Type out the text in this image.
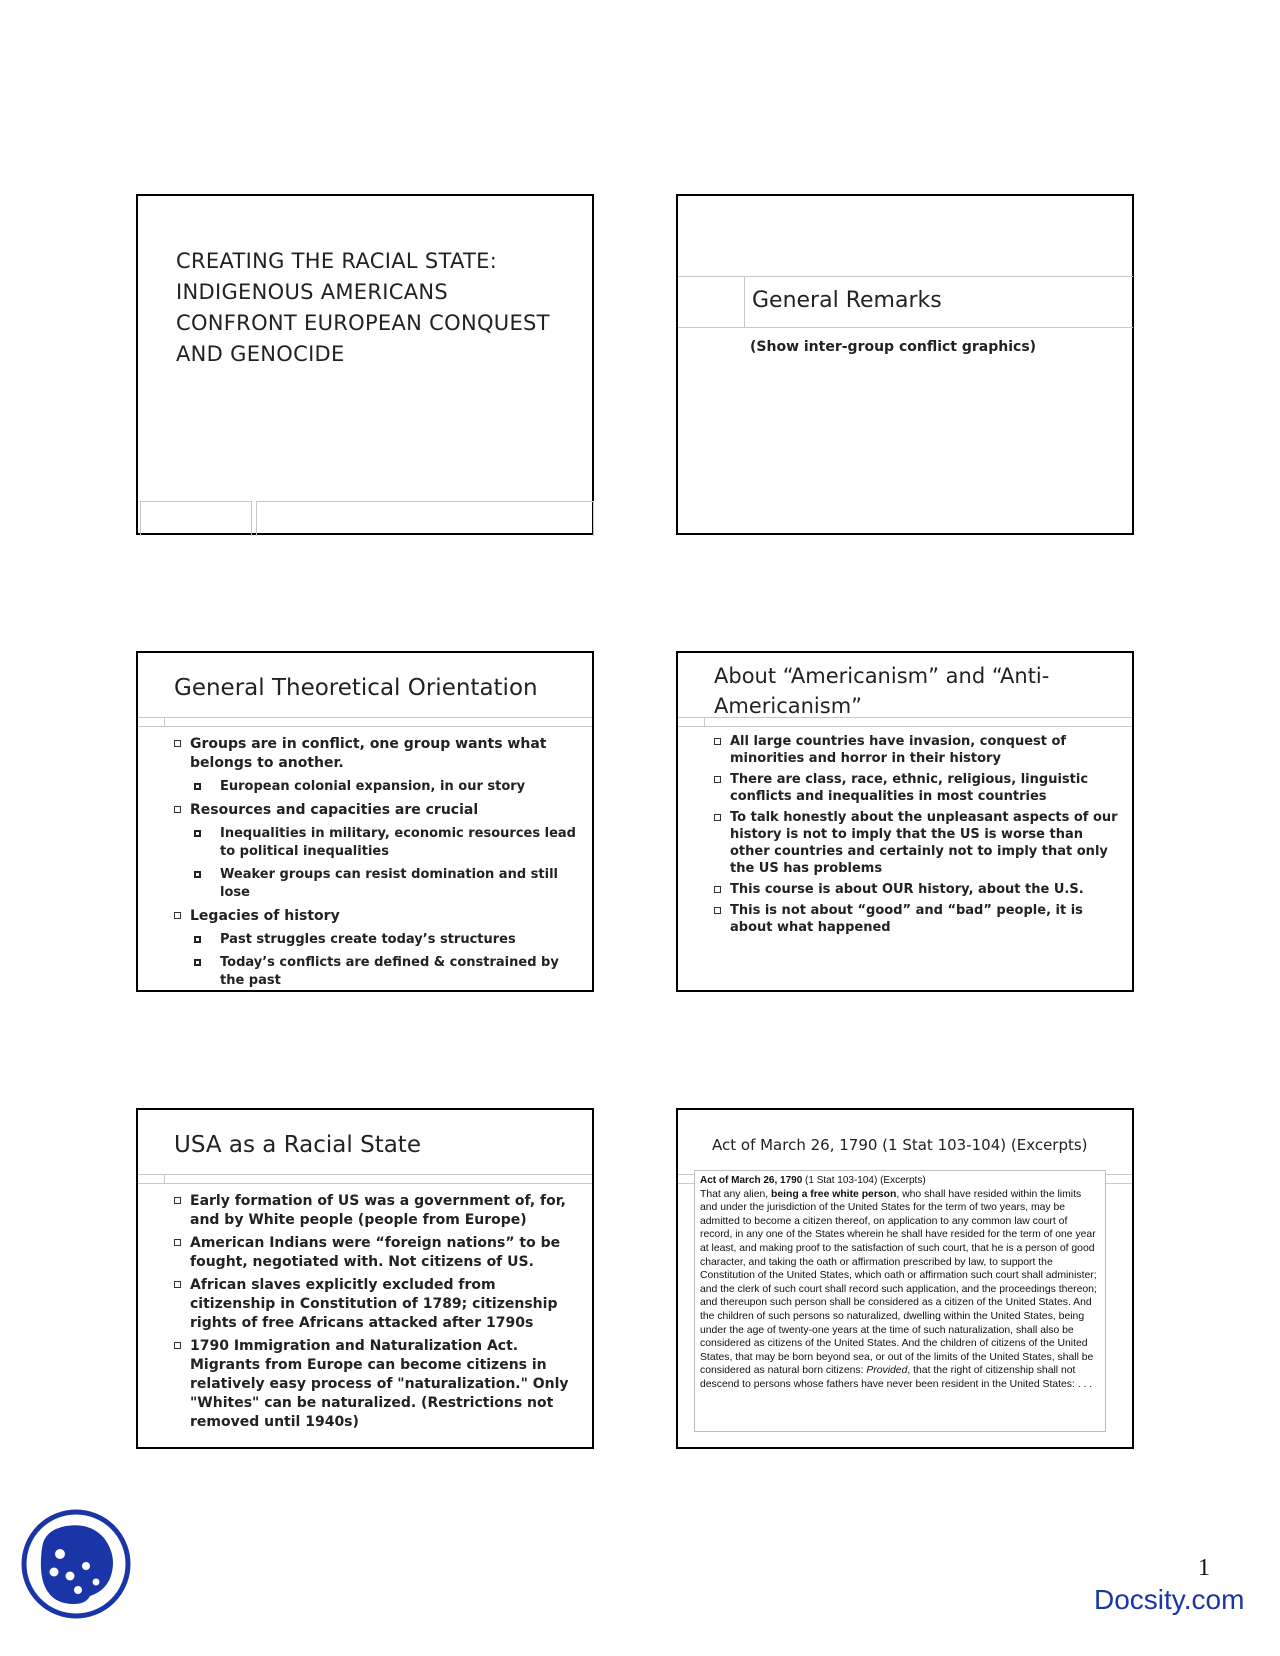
CREATING THE RACIAL STATE:
INDIGENOUS AMERICANS
CONFRONT EUROPEAN CONQUEST
AND GENOCIDE
General Remarks
(Show inter-group conflict graphics)
General Theoretical Orientation
Groups are in conflict, one group wants what belongs to another.
European colonial expansion, in our story
Resources and capacities are crucial
Inequalities in military, economic resources lead to political inequalities
Weaker groups can resist domination and still lose
Legacies of history
Past struggles create today’s structures
Today’s conflicts are defined & constrained by the past
About “Americanism” and “Anti-Americanism”
All large countries have invasion, conquest of minorities and horror in their history
There are class, race, ethnic, religious, linguistic conflicts and inequalities in most countries
To talk honestly about the unpleasant aspects of our history is not to imply that the US is worse than other countries and certainly not to imply that only the US has problems
This course is about OUR history, about the U.S.
This is not about “good” and “bad” people, it is about what happened
USA as a Racial State
Early formation of US was a government of, for, and by White people (people from Europe)
American Indians were “foreign nations” to be fought, negotiated with. Not citizens of US.
African slaves explicitly excluded from citizenship in Constitution of 1789; citizenship rights of free Africans attacked after 1790s
1790 Immigration and Naturalization Act. Migrants from Europe can become citizens in relatively easy process of "naturalization." Only "Whites" can be naturalized. (Restrictions not removed until 1940s)
Act of March 26, 1790 (1 Stat 103-104) (Excerpts)
Act of March 26, 1790 (1 Stat 103-104) (Excerpts)
That any alien, being a free white person, who shall have resided within the limits and under the jurisdiction of the United States for the term of two years, may be admitted to become a citizen thereof, on application to any common law court of record, in any one of the States wherein he shall have resided for the term of one year at least, and making proof to the satisfaction of such court, that he is a person of good character, and taking the oath or affirmation prescribed by law, to support the Constitution of the United States, which oath or affirmation such court shall administer; and the clerk of such court shall record such application, and the proceedings thereon; and thereupon such person shall be considered as a citizen of the United States. And the children of such persons so naturalized, dwelling within the United States, being under the age of twenty-one years at the time of such naturalization, shall also be considered as citizens of the United States. And the children of citizens of the United States, that may be born beyond sea, or out of the limits of the United States, shall be considered as natural born citizens: Provided, that the right of citizenship shall not descend to persons whose fathers have never been resident in the United States: . . .
1
Docsity.com
